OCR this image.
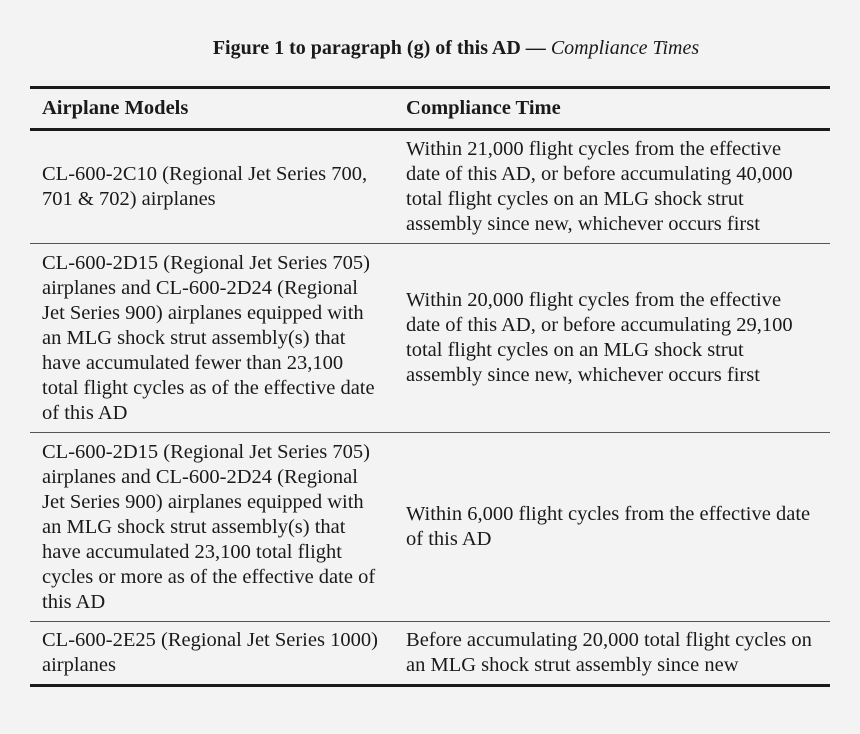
Figure 1 to paragraph (g) of this AD — Compliance Times
Airplane Models	Compliance Time
CL-600-2C10 (Regional Jet Series 700, 701 & 702) airplanes	Within 21,000 flight cycles from the effective date of this AD, or before accumulating 40,000 total flight cycles on an MLG shock strut assembly since new, whichever occurs first
CL-600-2D15 (Regional Jet Series 705) airplanes and CL-600-2D24 (Regional Jet Series 900) airplanes equipped with an MLG shock strut assembly(s) that have accumulated fewer than 23,100 total flight cycles as of the effective date of this AD	Within 20,000 flight cycles from the effective date of this AD, or before accumulating 29,100 total flight cycles on an MLG shock strut assembly since new, whichever occurs first
CL-600-2D15 (Regional Jet Series 705) airplanes and CL-600-2D24 (Regional Jet Series 900) airplanes equipped with an MLG shock strut assembly(s) that have accumulated 23,100 total flight cycles or more as of the effective date of this AD	Within 6,000 flight cycles from the effective date of this AD
CL-600-2E25 (Regional Jet Series 1000) airplanes	Before accumulating 20,000 total flight cycles on an MLG shock strut assembly since new
